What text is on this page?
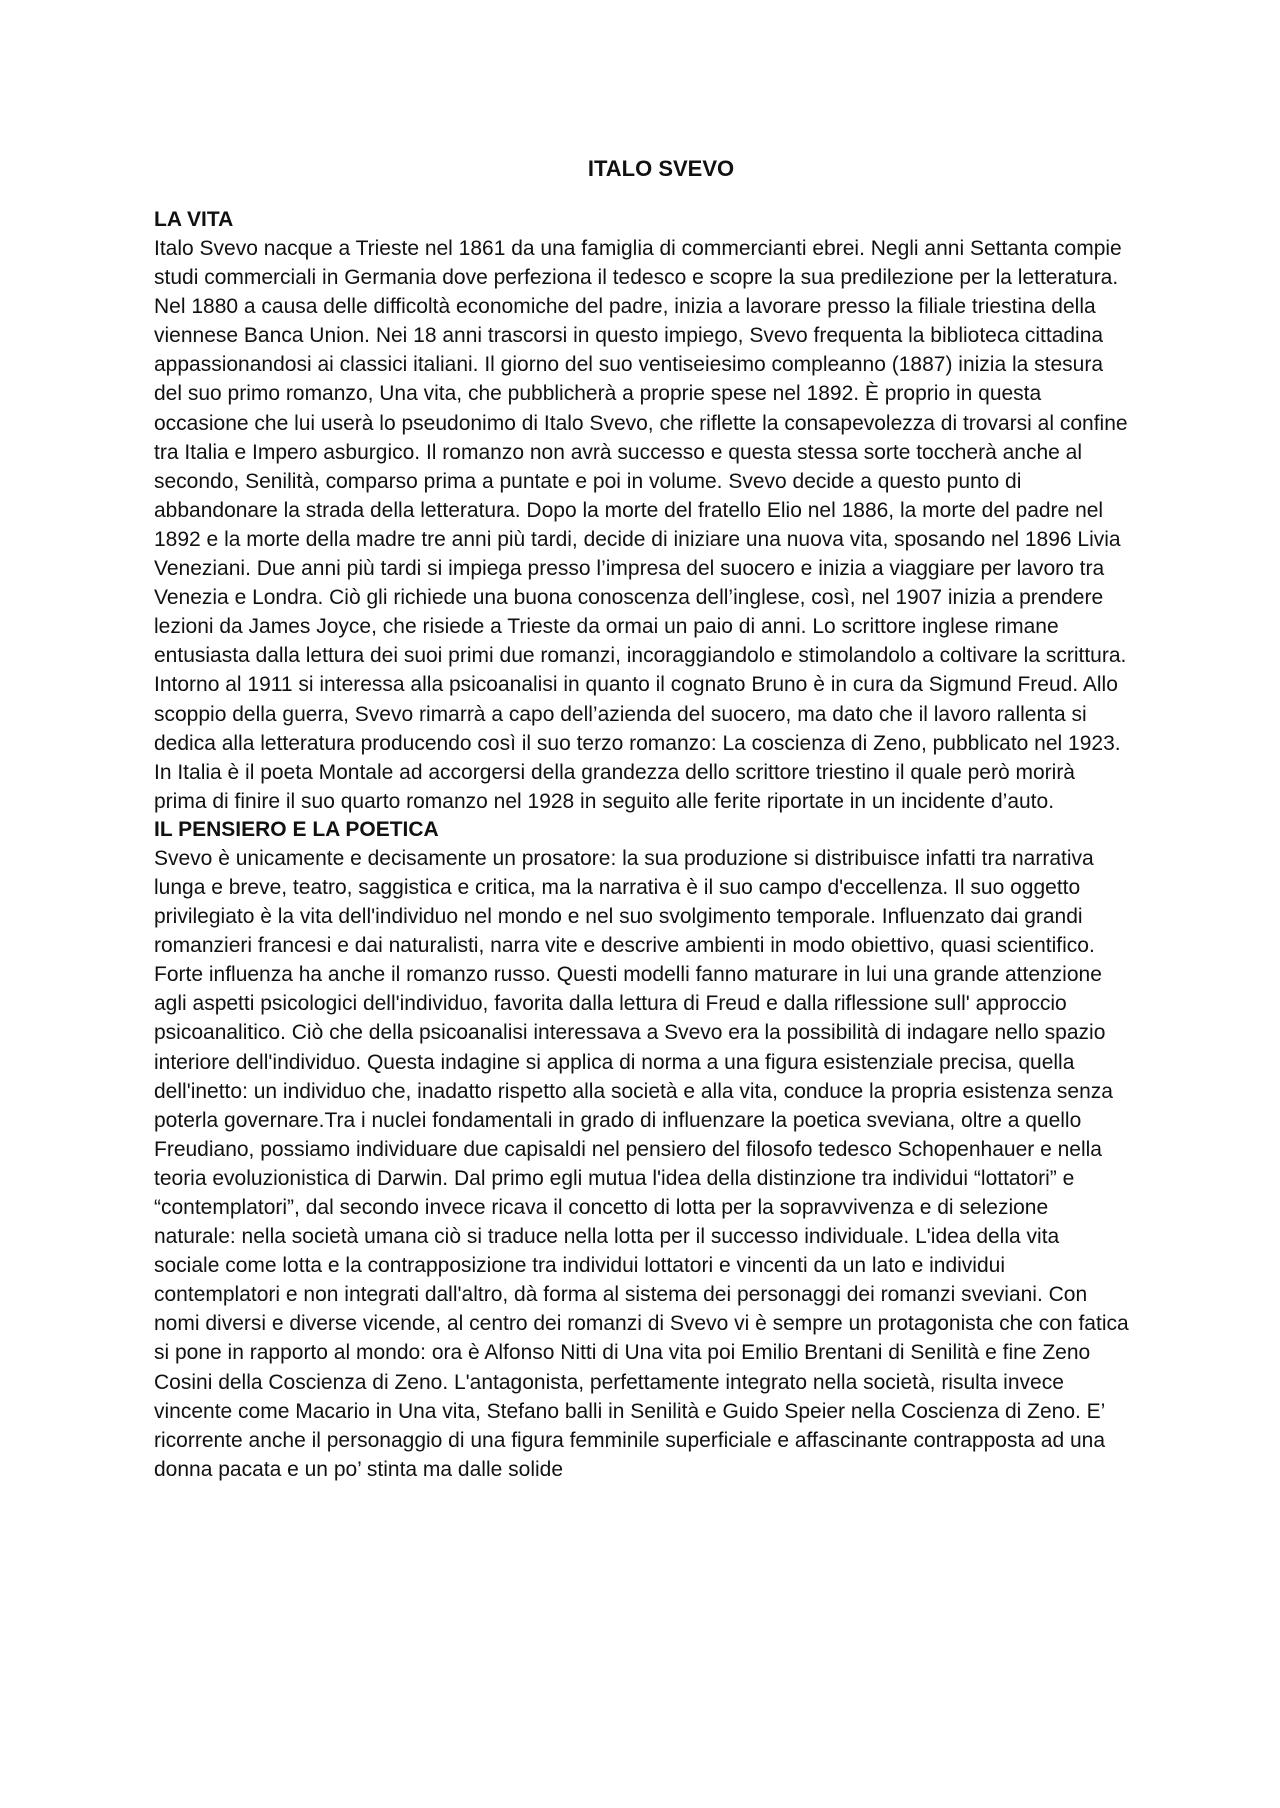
ITALO SVEVO
LA VITA

Italo Svevo nacque a Trieste nel 1861 da una famiglia di commercianti ebrei. Negli anni Settanta compie studi commerciali in Germania dove perfeziona il tedesco e scopre la sua predilezione per la letteratura. Nel 1880 a causa delle difficoltà economiche del padre, inizia a lavorare presso la filiale triestina della viennese Banca Union. Nei 18 anni trascorsi in questo impiego, Svevo frequenta la biblioteca cittadina appassionandosi ai classici italiani. Il giorno del suo ventiseiesimo compleanno (1887) inizia la stesura del suo primo romanzo, Una vita, che pubblicherà a proprie spese nel 1892. È proprio in questa occasione che lui userà lo pseudonimo di Italo Svevo, che riflette la consapevolezza di trovarsi al confine tra Italia e Impero asburgico. Il romanzo non avrà successo e questa stessa sorte toccherà anche al secondo, Senilità, comparso prima a puntate e poi in volume. Svevo decide a questo punto di abbandonare la strada della letteratura. Dopo la morte del fratello Elio nel 1886, la morte del padre nel 1892 e la morte della madre tre anni più tardi, decide di iniziare una nuova vita, sposando nel 1896 Livia Veneziani. Due anni più tardi si impiega presso l’impresa del suocero e inizia a viaggiare per lavoro tra Venezia e Londra. Ciò gli richiede una buona conoscenza dell’inglese, così, nel 1907 inizia a prendere lezioni da James Joyce, che risiede a Trieste da ormai un paio di anni. Lo scrittore inglese rimane entusiasta dalla lettura dei suoi primi due romanzi, incoraggiandolo e stimolandolo a coltivare la scrittura. Intorno al 1911 si interessa alla psicoanalisi in quanto il cognato Bruno è in cura da Sigmund Freud. Allo scoppio della guerra, Svevo rimarrà a capo dell’azienda del suocero, ma dato che il lavoro rallenta si dedica alla letteratura producendo così il suo terzo romanzo: La coscienza di Zeno, pubblicato nel 1923. In Italia è il poeta Montale ad accorgersi della grandezza dello scrittore triestino il quale però morirà prima di finire il suo quarto romanzo nel 1928 in seguito alle ferite riportate in un incidente d’auto.

IL PENSIERO E LA POETICA

Svevo è unicamente e decisamente un prosatore: la sua produzione si distribuisce infatti tra narrativa lunga e breve, teatro, saggistica e critica, ma la narrativa è il suo campo d'eccellenza. Il suo oggetto privilegiato è la vita dell'individuo nel mondo e nel suo svolgimento temporale. Influenzato dai grandi romanzieri francesi e dai naturalisti, narra vite e descrive ambienti in modo obiettivo, quasi scientifico. Forte influenza ha anche il romanzo russo. Questi modelli fanno maturare in lui una grande attenzione agli aspetti psicologici dell'individuo, favorita dalla lettura di Freud e dalla riflessione sull' approccio psicoanalitico. Ciò che della psicoanalisi interessava a Svevo era la possibilità di indagare nello spazio interiore dell'individuo. Questa indagine si applica di norma a una figura esistenziale precisa, quella dell'inetto: un individuo che, inadatto rispetto alla società e alla vita, conduce la propria esistenza senza poterla governare.Tra i nuclei fondamentali in grado di influenzare la poetica sveviana, oltre a quello Freudiano, possiamo individuare due capisaldi nel pensiero del filosofo tedesco Schopenhauer e nella teoria evoluzionistica di Darwin. Dal primo egli mutua l'idea della distinzione tra individui “lottatori” e “contemplatori”, dal secondo invece ricava il concetto di lotta per la sopravvivenza e di selezione naturale: nella società umana ciò si traduce nella lotta per il successo individuale. L'idea della vita sociale come lotta e la contrapposizione tra individui lottatori e vincenti da un lato e individui contemplatori e non integrati dall'altro, dà forma al sistema dei personaggi dei romanzi sveviani. Con nomi diversi e diverse vicende, al centro dei romanzi di Svevo vi è sempre un protagonista che con fatica si pone in rapporto al mondo: ora è Alfonso Nitti di Una vita poi Emilio Brentani di Senilità e fine Zeno Cosini della Coscienza di Zeno. L'antagonista, perfettamente integrato nella società, risulta invece vincente come Macario in Una vita, Stefano balli in Senilità e Guido Speier nella Coscienza di Zeno. E’ ricorrente anche il personaggio di una figura femminile superficiale e affascinante contrapposta ad una donna pacata e un po’ stinta ma dalle solide
